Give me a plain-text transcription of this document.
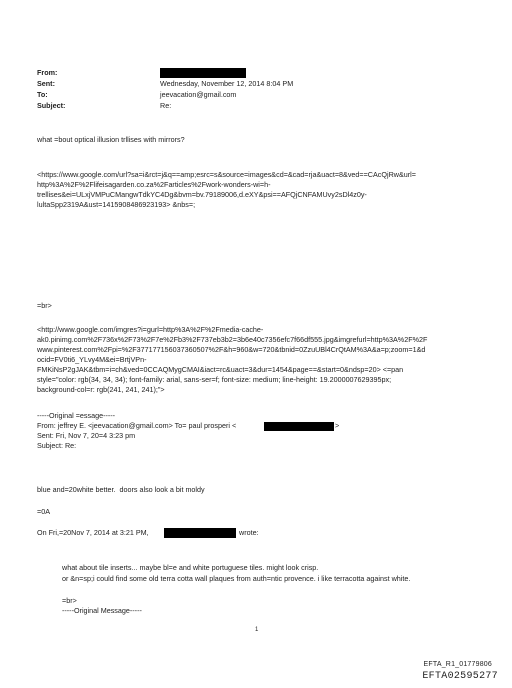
From:
Sent:	Wednesday, November 12, 2014 8:04 PM
To:	jeevacation@gmail.com
Subject:	Re:
what =bout optical illusion trllises with mirrors?
<https://www.google.com/url?sa=i&rct=j&q==amp;esrc=s&source=images&cd=&cad=rja&uact=8&ved==CAcQjRw&url=
http%3A%2F%2Flifeisagarden.co.za%2Farticles%2Fwork-wonders-wi=h-
trellises&ei=ULxjVMPuCMangwTdkYC4Dg&bvm=bv.79189006,d.eXY&psi==AFQjCNFAMUvy2sDl4z0y-
lultaSpp2319A&ust=1415908486923193> &nbs=;
=br>
<http://www.google.com/imgres?i=gurl=http%3A%2F%2Fmedia-cache-
ak0.pinimg.com%2F736x%2F73%2F7e%2Fb3%2F737eb3b2=3b6e40c7356efc7f66df555.jpg&imgrefurl=http%3A%2F%2F
www.pinterest.com%2Fpi=%2F377177156037360507%2F&h=960&w=720&tbnid=0ZzuUBl4CrQtAM%3A&a=p;zoom=1&d
ocid=FV0ti6_YLvy4M&ei=BrtjVPn-
FMKiNsP2gJAK&tbm=i=ch&ved=0CCAQMygCMAI&iact=rc&uact=3&dur=1454&page==&start=0&ndsp=20> <=pan
style="color: rgb(34, 34, 34); font-family: arial, sans-ser=f; font-size: medium; line-height: 19.2000007629395px;
background-col=r: rgb(241, 241, 241);">
-----Original =essage-----
From: jeffrey E. <jeevacation@gmail.com> To= paul prosperi <	>
Sent: Fri, Nov 7, 20=4 3:23 pm
Subject: Re:
blue and=20white better.  doors also look a bit moldy
=0A
On Fri,=20Nov 7, 2014 at 3:21 PM,	wrote:
what about tile inserts... maybe bl=e and white portuguese tiles. might look crisp.
or &n=sp;i could find some old terra cotta wall plaques from auth=ntic provence. i like terracotta against white.
=br>
-----Original Message-----
1
EFTA_R1_01779806
EFTA02595277
